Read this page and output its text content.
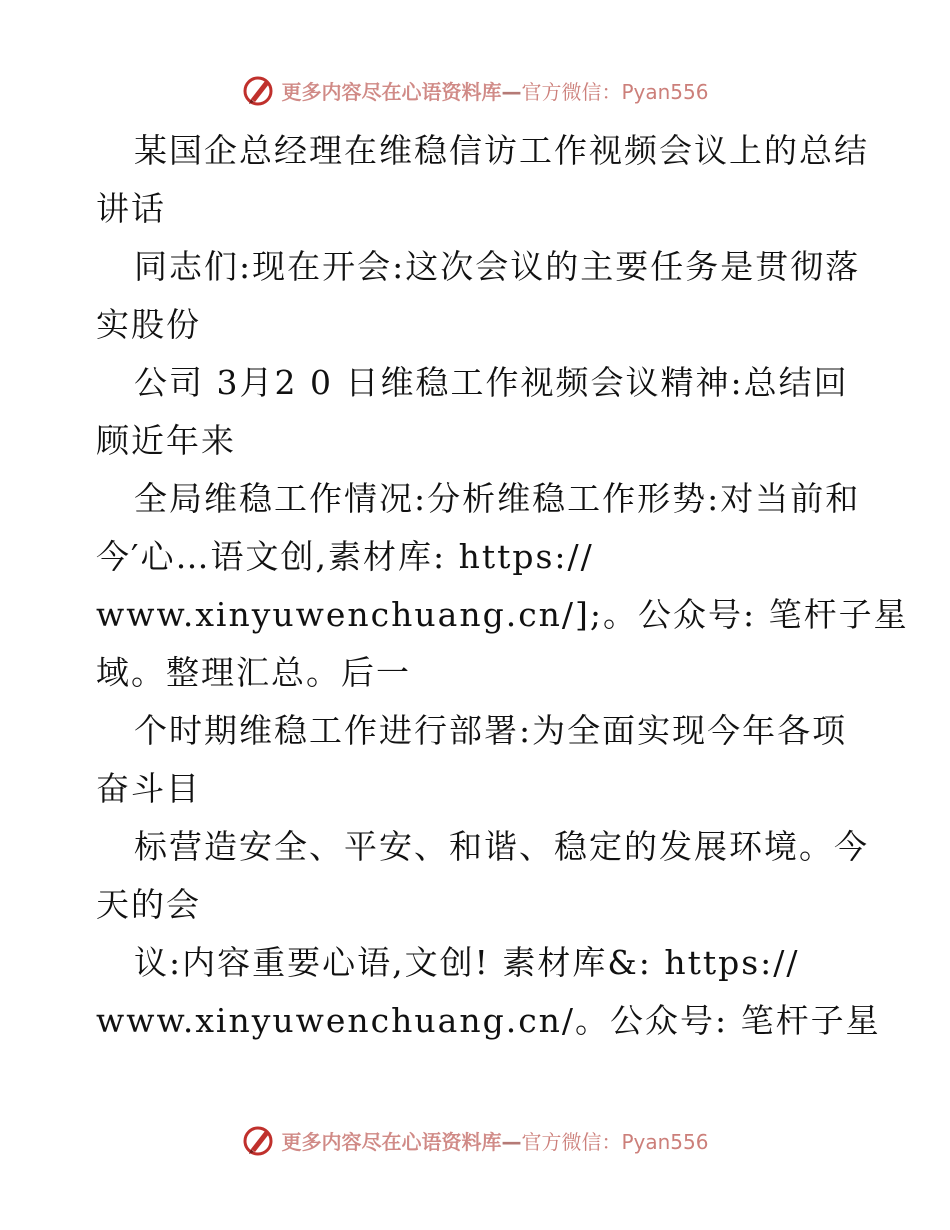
更多内容尽在心语资料库—官方微信：Pyan556
某国企总经理在维稳信访工作视频会议上的总结
讲话
同志们:现在开会:这次会议的主要任务是贯彻落
实股份
公司 3月2 0 日维稳工作视频会议精神:总结回
顾近年来
全局维稳工作情况:分析维稳工作形势:对当前和
今′心…语文创,素材库: https://
www.xinyuwenchuang.cn/];。公众号: 笔杆子星
域。整理汇总。后一
个时期维稳工作进行部署:为全面实现今年各项
奋斗目
标营造安全、平安、和谐、稳定的发展环境。今
天的会
议:内容重要心语,文创! 素材库&: https://
www.xinyuwenchuang.cn/。公众号: 笔杆子星
更多内容尽在心语资料库—官方微信：Pyan556
